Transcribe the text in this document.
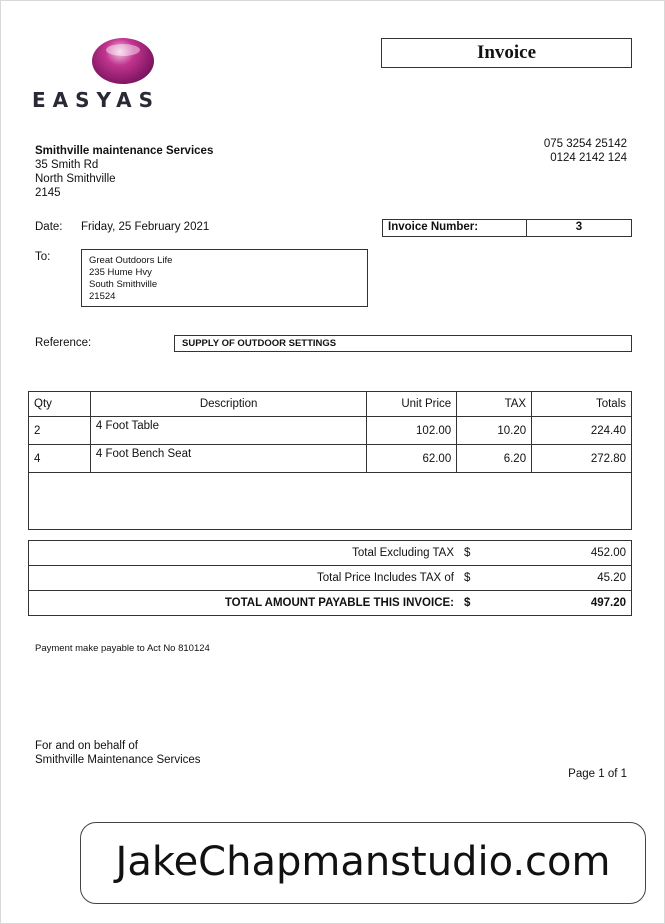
EASYAS
Invoice
Smithville maintenance Services
35 Smith Rd
North Smithville
2145
075 3254 25142
0124 2142 124
Date: Friday, 25 February 2021	Invoice Number:	3
To:	Great Outdoors Life
235 Hume Hvy
South Smithville
21524
Reference:	SUPPLY OF OUTDOOR SETTINGS
Qty	Description	Unit Price	TAX	Totals
2	4 Foot Table	102.00	10.20	224.40
4	4 Foot Bench Seat	62.00	6.20	272.80

Total Excluding TAX	$	452.00
Total Price Includes TAX of	$	45.20
TOTAL AMOUNT PAYABLE THIS INVOICE:	$	497.20
Payment make payable to Act No 810124
For and on behalf of
Smithville Maintenance Services
Page 1 of 1
JakeChapmanstudio.com
